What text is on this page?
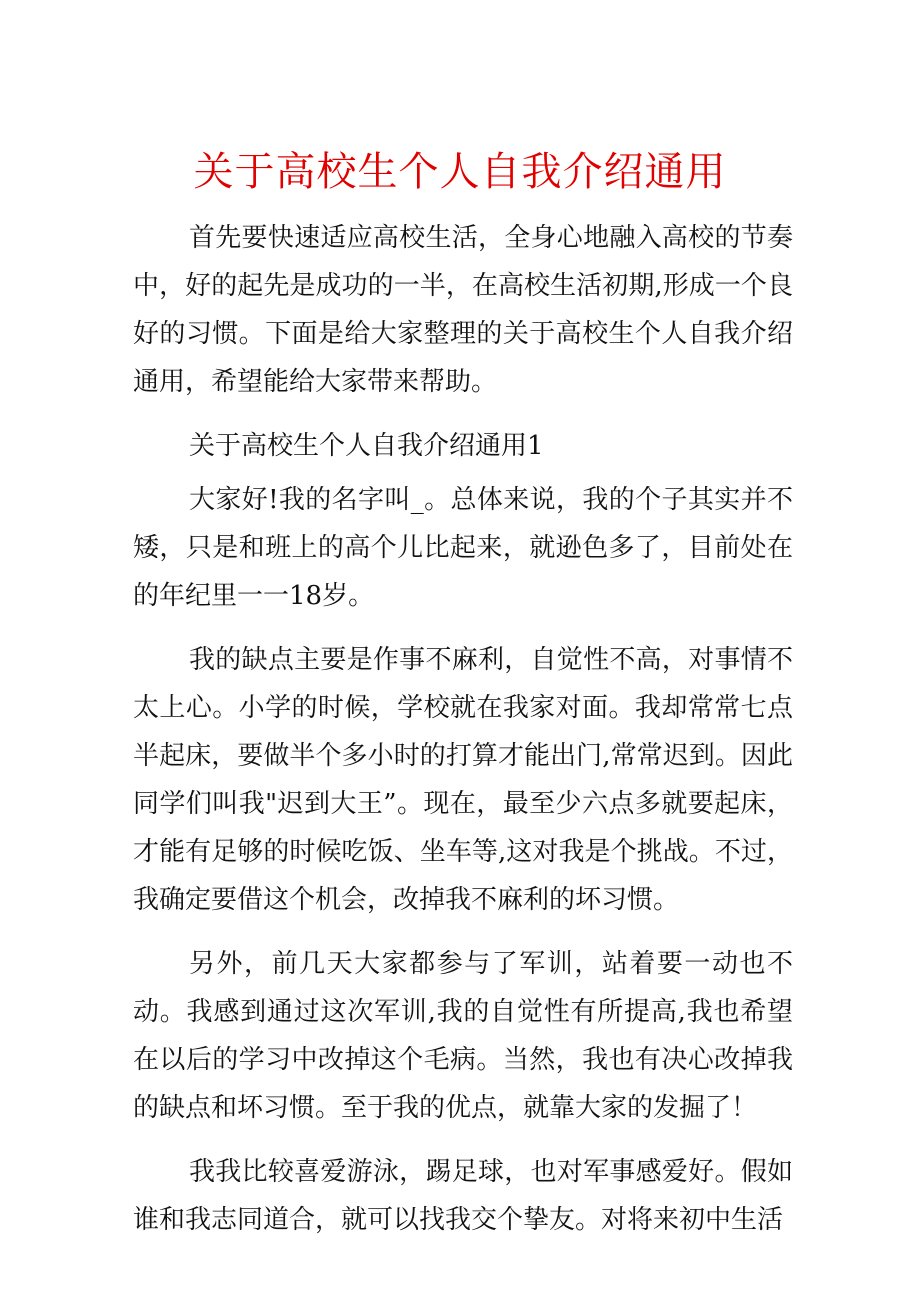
关于高校生个人自我介绍通用

首先要快速适应高校生活，全身心地融入高校的节奏中，好的起先是成功的一半，在高校生活初期,形成一个良好的习惯。下面是给大家整理的关于高校生个人自我介绍通用，希望能给大家带来帮助。

关于高校生个人自我介绍通用1

大家好!我的名字叫_。总体来说，我的个子其实并不矮，只是和班上的高个儿比起来，就逊色多了，目前处在的年纪里一一18岁。

我的缺点主要是作事不麻利，自觉性不高，对事情不太上心。小学的时候，学校就在我家对面。我却常常七点半起床，要做半个多小时的打算才能出门,常常迟到。因此同学们叫我"迟到大王”。现在，最至少六点多就要起床，才能有足够的时候吃饭、坐车等,这对我是个挑战。不过，我确定要借这个机会，改掉我不麻利的坏习惯。

另外，前几天大家都参与了军训，站着要一动也不动。我感到通过这次军训,我的自觉性有所提高,我也希望在以后的学习中改掉这个毛病。当然，我也有决心改掉我的缺点和坏习惯。至于我的优点，就靠大家的发掘了！

我我比较喜爱游泳，踢足球，也对军事感爱好。假如谁和我志同道合，就可以找我交个挚友。对将来初中生活
